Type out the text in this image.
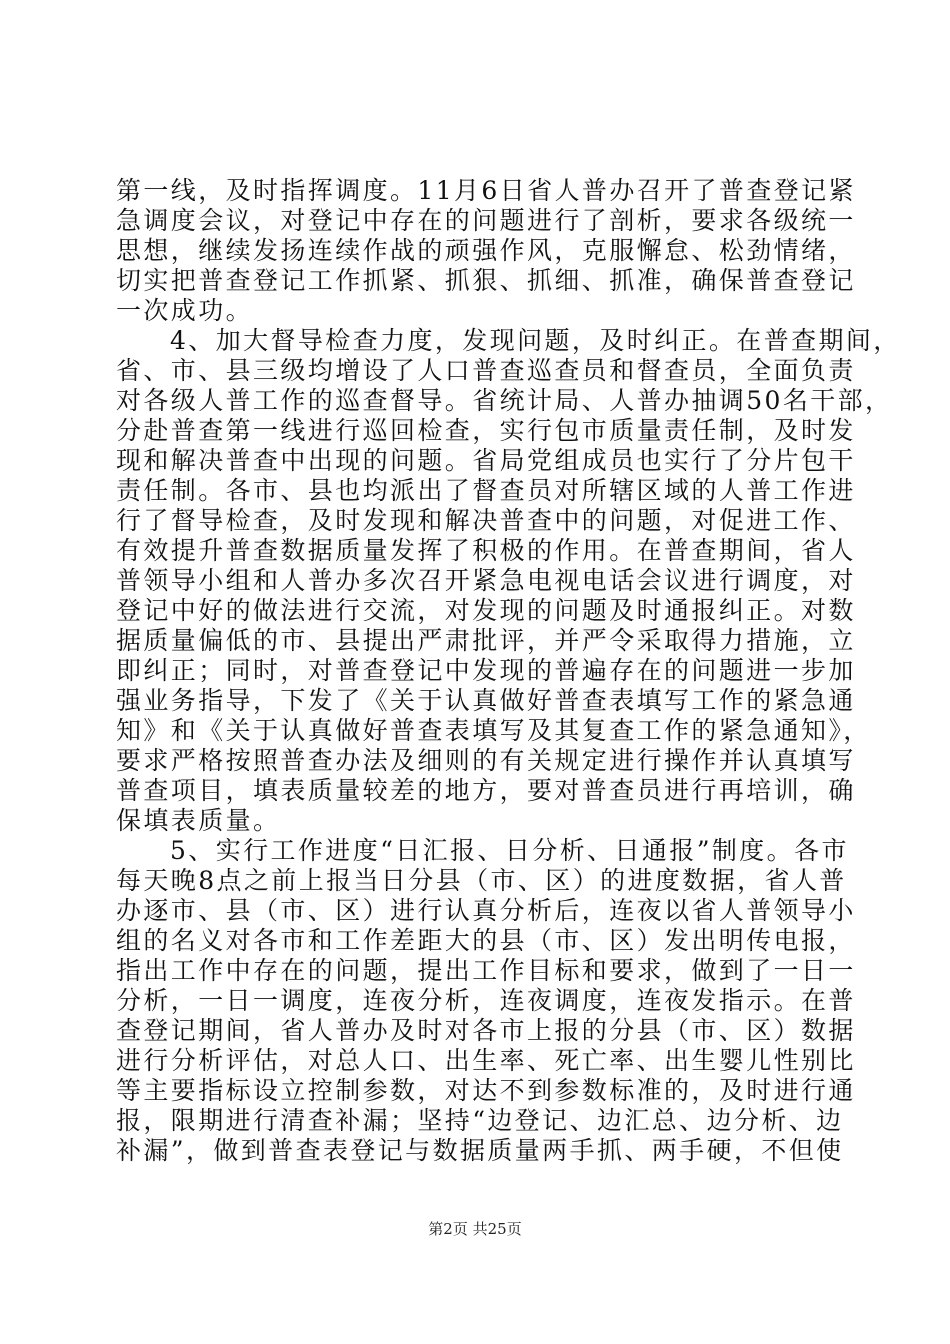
第一线，及时指挥调度。11月6日省人普办召开了普查登记紧
急调度会议，对登记中存在的问题进行了剖析，要求各级统一
思想，继续发扬连续作战的顽强作风，克服懈怠、松劲情绪，
切实把普查登记工作抓紧、抓狠、抓细、抓准，确保普查登记
一次成功。
4、加大督导检查力度，发现问题，及时纠正。在普查期间，
省、市、县三级均增设了人口普查巡查员和督查员，全面负责
对各级人普工作的巡查督导。省统计局、人普办抽调50名干部，
分赴普查第一线进行巡回检查，实行包市质量责任制，及时发
现和解决普查中出现的问题。省局党组成员也实行了分片包干
责任制。各市、县也均派出了督查员对所辖区域的人普工作进
行了督导检查，及时发现和解决普查中的问题，对促进工作、
有效提升普查数据质量发挥了积极的作用。在普查期间，省人
普领导小组和人普办多次召开紧急电视电话会议进行调度，对
登记中好的做法进行交流，对发现的问题及时通报纠正。对数
据质量偏低的市、县提出严肃批评，并严令采取得力措施，立
即纠正；同时，对普查登记中发现的普遍存在的问题进一步加
强业务指导，下发了《关于认真做好普查表填写工作的紧急通
知》和《关于认真做好普查表填写及其复查工作的紧急通知》，
要求严格按照普查办法及细则的有关规定进行操作并认真填写
普查项目，填表质量较差的地方，要对普查员进行再培训，确
保填表质量。
5、实行工作进度“日汇报、日分析、日通报”制度。各市
每天晚8点之前上报当日分县（市、区）的进度数据，省人普
办逐市、县（市、区）进行认真分析后，连夜以省人普领导小
组的名义对各市和工作差距大的县（市、区）发出明传电报，
指出工作中存在的问题，提出工作目标和要求，做到了一日一
分析，一日一调度，连夜分析，连夜调度，连夜发指示。在普
查登记期间，省人普办及时对各市上报的分县（市、区）数据
进行分析评估，对总人口、出生率、死亡率、出生婴儿性别比
等主要指标设立控制参数，对达不到参数标准的，及时进行通
报，限期进行清查补漏；坚持“边登记、边汇总、边分析、边
补漏”，做到普查表登记与数据质量两手抓、两手硬，不但使
第2页 共25页
